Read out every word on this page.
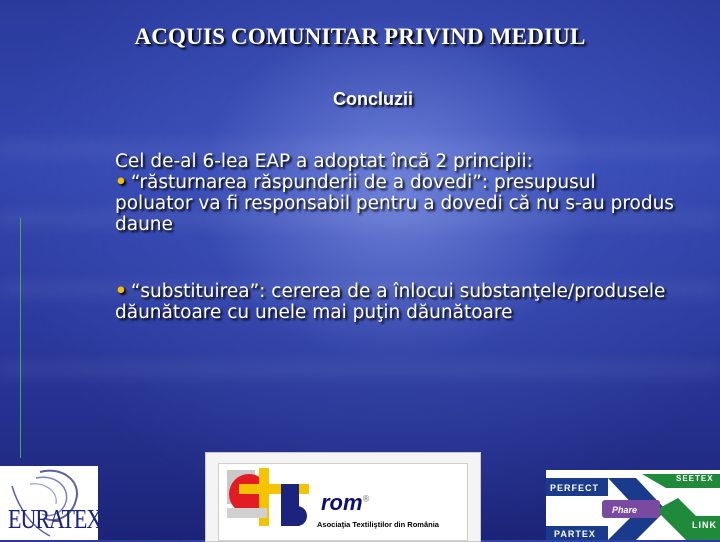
ACQUIS COMUNITAR PRIVIND MEDIUL
Concluzii
Cel de-al 6-lea EAP a adoptat încă 2 principii:
• “răsturnarea răspunderii de a dovedi”: presupusul poluator va fi responsabil pentru a dovedi că nu s-au produs daune
• “substituirea”: cererea de a înlocui substanţele/produsele dăunătoare cu unele mai puţin dăunătoare
EURATEX
rom®
Asociaţia Textiliştilor din România
SEETEX
PERFECT
Phare
LINK
PARTEX
